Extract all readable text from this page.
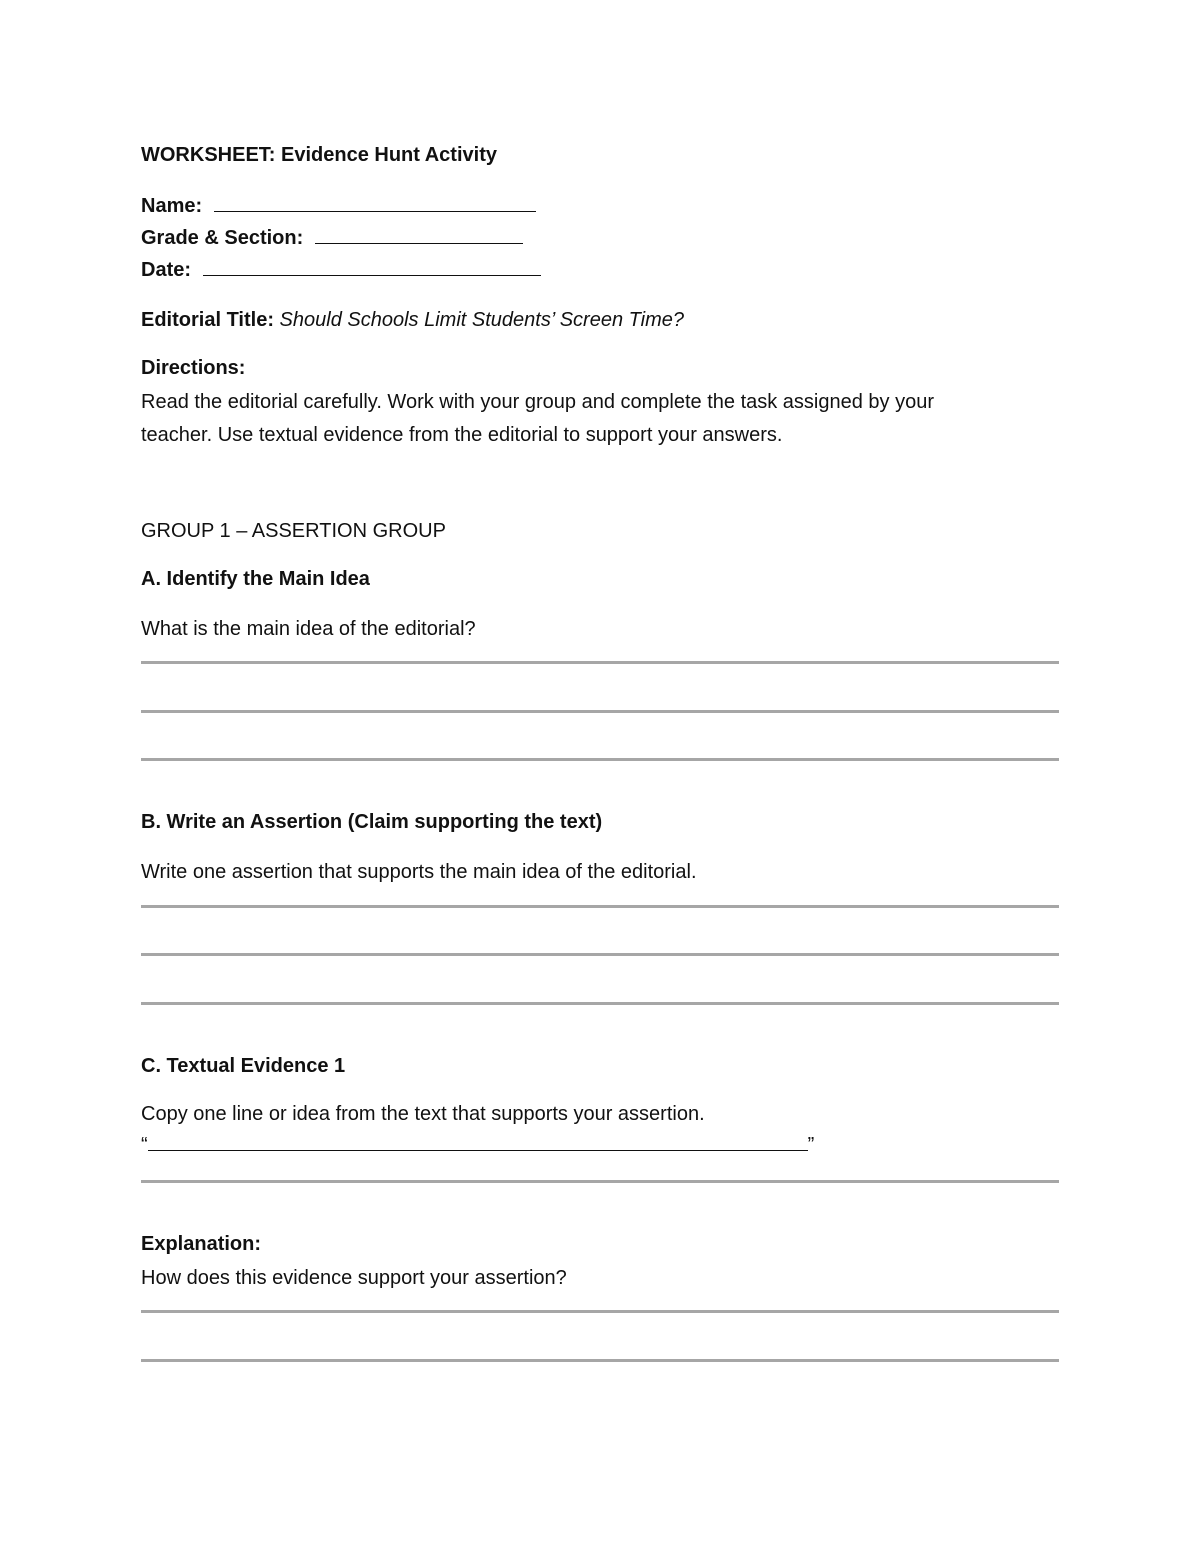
WORKSHEET: Evidence Hunt Activity
Name:
Grade & Section:
Date:
Editorial Title: Should Schools Limit Students’ Screen Time?
Directions:
Read the editorial carefully. Work with your group and complete the task assigned by your
teacher. Use textual evidence from the editorial to support your answers.
GROUP 1 – ASSERTION GROUP
A. Identify the Main Idea
What is the main idea of the editorial?
B. Write an Assertion (Claim supporting the text)
Write one assertion that supports the main idea of the editorial.
C. Textual Evidence 1
Copy one line or idea from the text that supports your assertion.
“	”
Explanation:
How does this evidence support your assertion?
